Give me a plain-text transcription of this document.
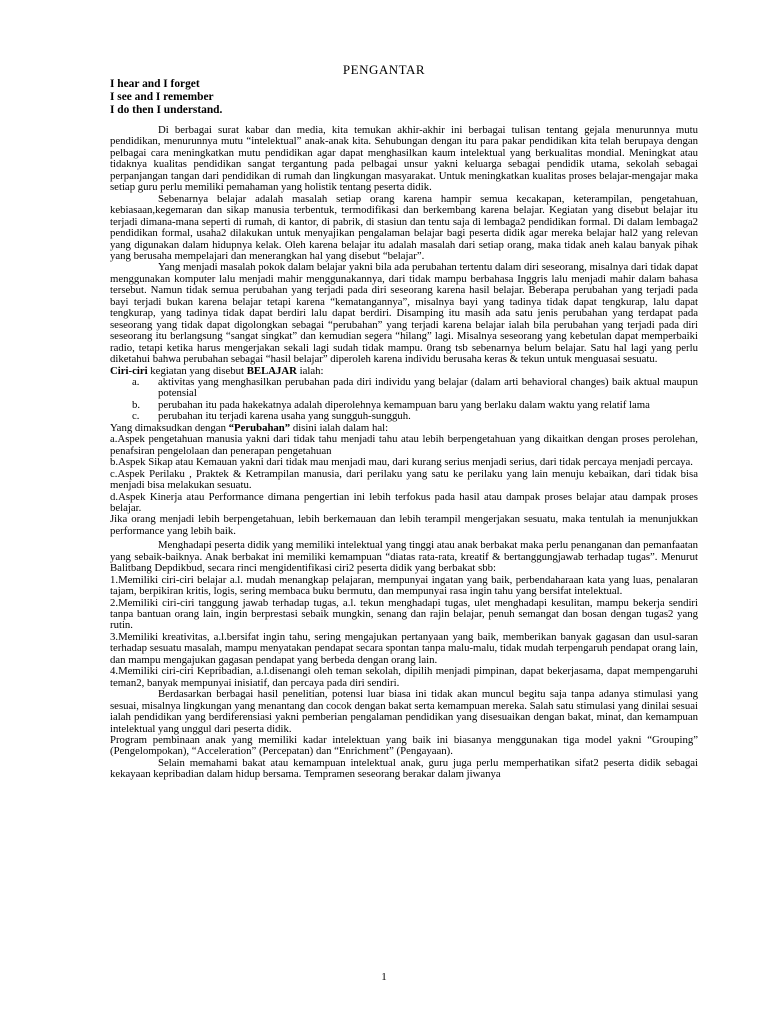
PENGANTAR
I hear and I forget
I see and I remember
I do then I understand.

Di berbagai surat kabar dan media, kita temukan akhir-akhir ini berbagai tulisan tentang gejala menurunnya mutu pendidikan, menurunnya mutu “intelektual” anak-anak kita. Sehubungan dengan itu para pakar pendidikan kita telah berupaya dengan pelbagai cara meningkatkan mutu pendidikan agar dapat menghasilkan kaum intelektual yang berkualitas mondial. Meningkat atau tidaknya kualitas pendidikan sangat tergantung pada pelbagai unsur yakni keluarga sebagai pendidik utama, sekolah sebagai perpanjangan tangan dari pendidikan di rumah dan lingkungan masyarakat. Untuk meningkatkan kualitas proses belajar-mengajar maka setiap guru perlu memiliki pemahaman yang holistik tentang peserta didik.

Sebenarnya belajar adalah masalah setiap orang karena hampir semua kecakapan, keterampilan, pengetahuan, kebiasaan,kegemaran dan sikap manusia terbentuk, termodifikasi dan berkembang karena belajar. Kegiatan yang disebut belajar itu terjadi dimana-mana seperti di rumah, di kantor, di pabrik, di stasiun dan tentu saja di lembaga2 pendidikan formal. Di dalam lembaga2 pendidikan formal, usaha2 dilakukan untuk menyajikan pengalaman belajar bagi peserta didik agar mereka belajar hal2 yang relevan yang digunakan dalam hidupnya kelak. Oleh karena belajar itu adalah masalah dari setiap orang, maka tidak aneh kalau banyak pihak yang berusaha mempelajari dan menerangkan hal yang disebut “belajar”.

Yang menjadi masalah pokok dalam belajar yakni bila ada perubahan tertentu dalam diri seseorang, misalnya dari tidak dapat menggunakan komputer lalu menjadi mahir menggunakannya, dari tidak mampu berbahasa Inggris lalu menjadi mahir dalam bahasa tersebut. Namun tidak semua perubahan yang terjadi pada diri seseorang karena hasil belajar. Beberapa perubahan yang terjadi pada bayi terjadi bukan karena belajar tetapi karena “kematangannya”, misalnya bayi yang tadinya tidak dapat tengkurap, lalu dapat tengkurap, yang tadinya tidak dapat berdiri lalu dapat berdiri. Disamping itu masih ada satu jenis perubahan yang terdapat pada seseorang yang tidak dapat digolongkan sebagai “perubahan” yang terjadi karena belajar ialah bila perubahan yang terjadi pada diri seseorang itu berlangsung “sangat singkat” dan kemudian segera “hilang” lagi. Misalnya seseorang yang kebetulan dapat memperbaiki radio, tetapi ketika harus mengerjakan sekali lagi sudah tidak mampu. 0rang tsb sebenarnya belum belajar. Satu hal lagi yang perlu diketahui bahwa perubahan sebagai “hasil belajar” diperoleh karena individu berusaha keras & tekun untuk menguasai sesuatu.

Ciri-ciri kegiatan yang disebut BELAJAR ialah:

a. aktivitas yang menghasilkan perubahan pada diri individu yang belajar (dalam arti behavioral changes) baik aktual maupun potensial
b. perubahan itu pada hakekatnya adalah diperolehnya kemampuan baru yang berlaku dalam waktu yang relatif lama
c. perubahan itu terjadi karena usaha yang sungguh-sungguh.

Yang dimaksudkan dengan “Perubahan” disini ialah dalam hal:

a.Aspek pengetahuan manusia yakni dari tidak tahu menjadi tahu atau lebih berpengetahuan yang dikaitkan dengan proses perolehan, penafsiran pengelolaan dan penerapan pengetahuan

b.Aspek Sikap atau Kemauan yakni dari tidak mau menjadi mau, dari kurang serius menjadi serius, dari tidak percaya menjadi percaya.

c.Aspek Perilaku , Praktek & Ketrampilan manusia, dari perilaku yang satu ke perilaku yang lain menuju kebaikan, dari tidak bisa menjadi bisa melakukan sesuatu.

d.Aspek Kinerja atau Performance dimana pengertian ini lebih terfokus pada hasil atau dampak proses belajar atau dampak proses belajar.

Jika orang menjadi lebih berpengetahuan, lebih berkemauan dan lebih terampil mengerjakan sesuatu, maka tentulah ia menunjukkan performance yang lebih baik.

Menghadapi peserta didik yang memiliki intelektual yang tinggi atau anak berbakat maka perlu penanganan dan pemanfaatan yang sebaik-baiknya. Anak berbakat ini memiliki kemampuan “diatas rata-rata, kreatif & bertanggungjawab terhadap tugas”. Menurut Balitbang Depdikbud, secara rinci mengidentifikasi ciri2 peserta didik yang berbakat sbb:

1.Memiliki ciri-ciri belajar a.l. mudah menangkap pelajaran, mempunyai ingatan yang baik, perbendaharaan kata yang luas, penalaran tajam, berpikiran kritis, logis, sering membaca buku bermutu, dan mempunyai rasa ingin tahu yang bersifat intelektual.

2.Memiliki ciri-ciri tanggung jawab terhadap tugas, a.l. tekun menghadapi tugas, ulet menghadapi kesulitan, mampu bekerja sendiri tanpa bantuan orang lain, ingin berprestasi sebaik mungkin, senang dan rajin belajar, penuh semangat dan bosan dengan tugas2 yang rutin.

3.Memiliki kreativitas, a.l.bersifat ingin tahu, sering mengajukan pertanyaan yang baik, memberikan banyak gagasan dan usul-saran terhadap sesuatu masalah, mampu menyatakan pendapat secara spontan tanpa malu-malu, tidak mudah terpengaruh pendapat orang lain, dan mampu mengajukan gagasan pendapat yang berbeda dengan orang lain.

4.Memiliki ciri-ciri Kepribadian, a.l.disenangi oleh teman sekolah, dipilih menjadi pimpinan, dapat bekerjasama, dapat mempengaruhi teman2, banyak mempunyai inisiatif, dan percaya pada diri sendiri.

Berdasarkan berbagai hasil penelitian, potensi luar biasa ini tidak akan muncul begitu saja tanpa adanya stimulasi yang sesuai, misalnya lingkungan yang menantang dan cocok dengan bakat serta kemampuan mereka. Salah satu stimulasi yang dinilai sesuai ialah pendidikan yang berdiferensiasi yakni pemberian pengalaman pendidikan yang disesuaikan dengan bakat, minat, dan kemampuan intelektual yang unggul dari peserta didik.

Program pembinaan anak yang memiliki kadar intelektuan yang baik ini biasanya menggunakan tiga model yakni “Grouping” (Pengelompokan), “Acceleration” (Percepatan) dan “Enrichment” (Pengayaan).

Selain memahami bakat atau kemampuan intelektual anak, guru juga perlu memperhatikan sifat2 peserta didik sebagai kekayaan kepribadian dalam hidup bersama. Tempramen seseorang berakar dalam jiwanya

1
